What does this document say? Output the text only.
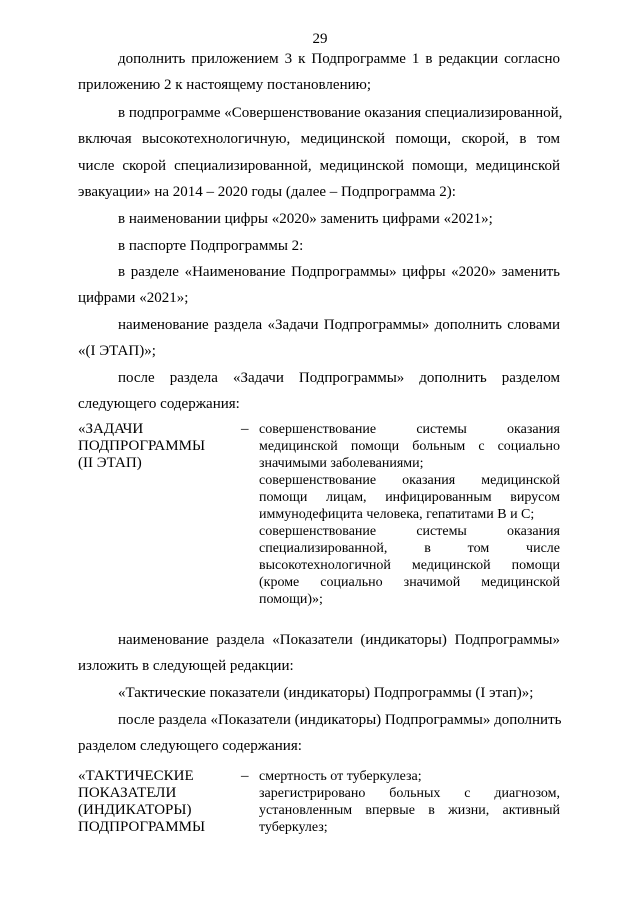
29

дополнить приложением 3 к Подпрограмме 1 в редакции согласно

приложению 2 к настоящему постановлению;

в подпрограмме «Совершенствование оказания специализированной,

включая высокотехнологичную, медицинской помощи, скорой, в том

числе скорой специализированной, медицинской помощи, медицинской

эвакуации» на 2014 – 2020 годы (далее – Подпрограмма 2):

в наименовании цифры «2020» заменить цифрами «2021»;

в паспорте Подпрограммы 2:

в разделе «Наименование Подпрограммы» цифры «2020» заменить

цифрами «2021»;

наименование раздела «Задачи Подпрограммы» дополнить словами

«(I ЭТАП)»;

после раздела «Задачи Подпрограммы» дополнить разделом

следующего содержания:

«ЗАДАЧИ
ПОДПРОГРАММЫ
(II ЭТАП)
– совершенствование системы оказания
медицинской помощи больным с социально
значимыми заболеваниями;
совершенствование оказания медицинской
помощи лицам, инфицированным вирусом
иммунодефицита человека, гепатитами В и С;
совершенствование системы оказания
специализированной, в том числе
высокотехнологичной медицинской помощи
(кроме социально значимой медицинской
помощи)»;

наименование раздела «Показатели (индикаторы) Подпрограммы»

изложить в следующей редакции:

«Тактические показатели (индикаторы) Подпрограммы (I этап)»;

после раздела «Показатели (индикаторы) Подпрограммы» дополнить

разделом следующего содержания:

«ТАКТИЧЕСКИЕ
ПОКАЗАТЕЛИ
(ИНДИКАТОРЫ)
ПОДПРОГРАММЫ
– смертность от туберкулеза;
зарегистрировано больных с диагнозом,
установленным впервые в жизни, активный
туберкулез;
